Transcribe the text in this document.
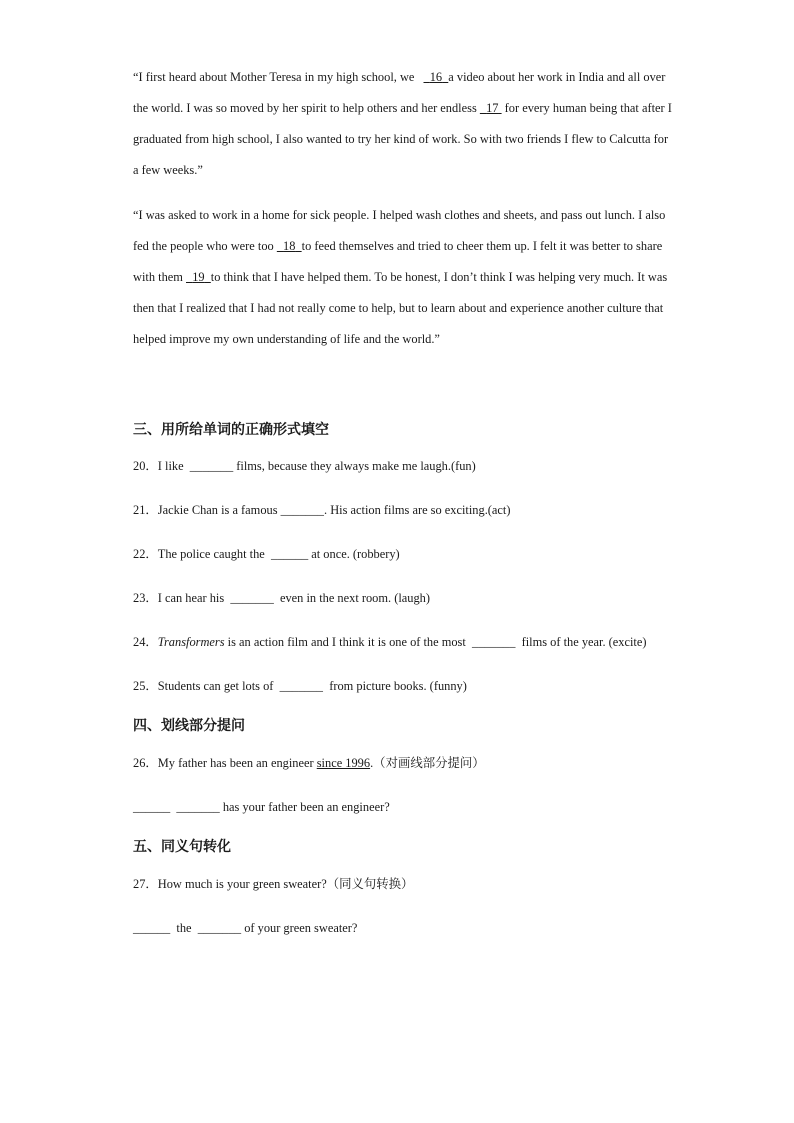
“I first heard about Mother Teresa in my high school, we   16 a video about her work in India and all over the world. I was so moved by her spirit to help others and her endless   17  for every human being that after I graduated from high school, I also wanted to try her kind of work. So with two friends I flew to Calcutta for a few weeks.”

“I was asked to work in a home for sick people. I helped wash clothes and sheets, and pass out lunch. I also fed the people who were too   18 to feed themselves and tried to cheer them up. I felt it was better to share with them   19 to think that I have helped them. To be honest, I don’t think I was helping very much. It was then that I realized that I had not really come to help, but to learn about and experience another culture that helped improve my own understanding of life and the world.”

三、用所给单词的正确形式填空

20．I like  _______ films, because they always make me laugh.(fun)

21．Jackie Chan is a famous _______. His action films are so exciting.(act)

22．The police caught the  ______ at once. (robbery)

23．I can hear his  _______  even in the next room. (laugh)

24．Transformers is an action film and I think it is one of the most  _______  films of the year. (excite)

25．Students can get lots of  _______  from picture books. (funny)

四、划线部分提问

26．My father has been an engineer since 1996.（对画线部分提问）

______ _______ has your father been an engineer?

五、同义句转化

27．How much is your green sweater?（同义句转换）

______  the  _______ of your green sweater?
